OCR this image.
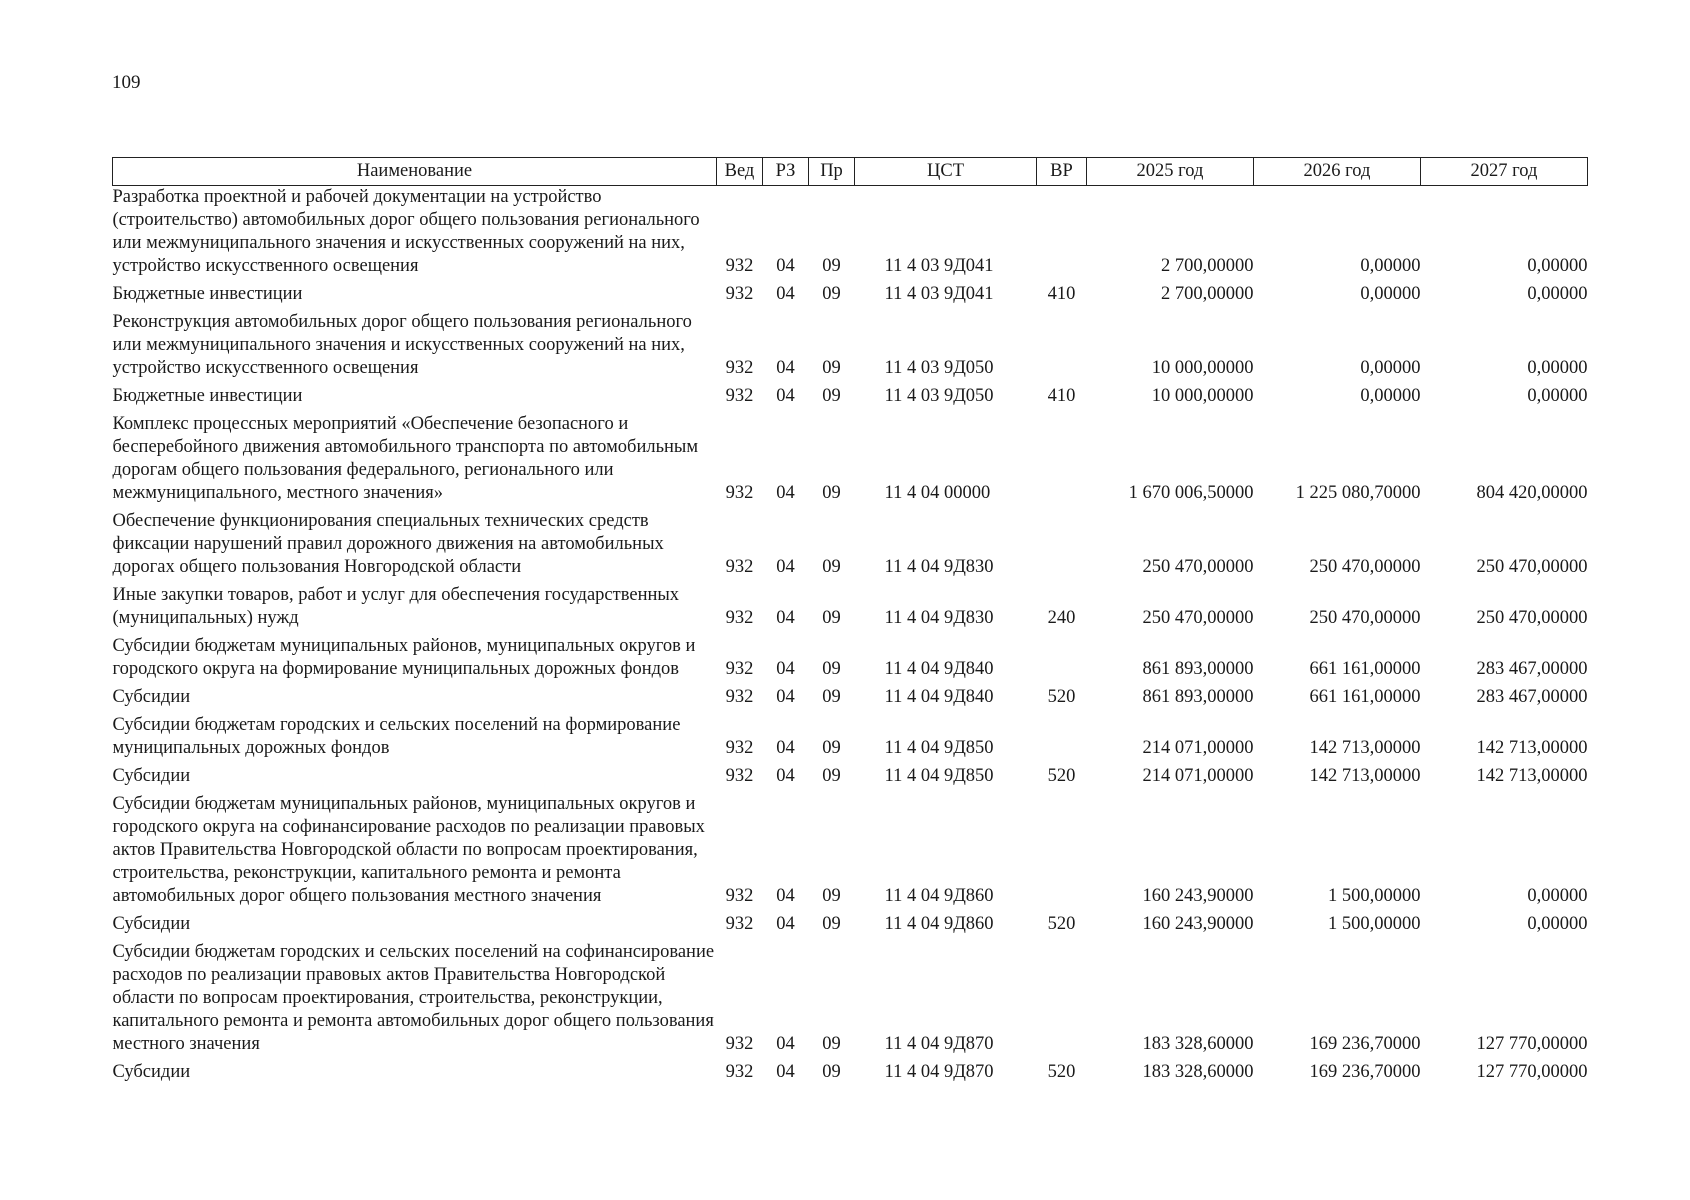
109
Наименование	Вед	РЗ	Пр	ЦСТ	ВР	2025 год	2026 год	2027 год
Разработка проектной и рабочей документации на устройство (строительство) автомобильных дорог общего пользования регионального или межмуниципального значения и искусственных сооружений на них, устройство искусственного освещения	932	04	09	11 4 03 9Д041		2 700,00000	0,00000	0,00000
Бюджетные инвестиции	932	04	09	11 4 03 9Д041	410	2 700,00000	0,00000	0,00000
Реконструкция автомобильных дорог общего пользования регионального или межмуниципального значения и искусственных сооружений на них, устройство искусственного освещения	932	04	09	11 4 03 9Д050		10 000,00000	0,00000	0,00000
Бюджетные инвестиции	932	04	09	11 4 03 9Д050	410	10 000,00000	0,00000	0,00000
Комплекс процессных мероприятий «Обеспечение безопасного и бесперебойного движения автомобильного транспорта по автомобильным дорогам общего пользования федерального, регионального или межмуниципального, местного значения»	932	04	09	11 4 04 00000		1 670 006,50000	1 225 080,70000	804 420,00000
Обеспечение функционирования специальных технических средств фиксации нарушений правил дорожного движения на автомобильных дорогах общего пользования Новгородской области	932	04	09	11 4 04 9Д830		250 470,00000	250 470,00000	250 470,00000
Иные закупки товаров, работ и услуг для обеспечения государственных (муниципальных) нужд	932	04	09	11 4 04 9Д830	240	250 470,00000	250 470,00000	250 470,00000
Субсидии бюджетам муниципальных районов, муниципальных округов и городского округа на формирование муниципальных дорожных фондов	932	04	09	11 4 04 9Д840		861 893,00000	661 161,00000	283 467,00000
Субсидии	932	04	09	11 4 04 9Д840	520	861 893,00000	661 161,00000	283 467,00000
Субсидии бюджетам городских и сельских поселений на формирование муниципальных дорожных фондов	932	04	09	11 4 04 9Д850		214 071,00000	142 713,00000	142 713,00000
Субсидии	932	04	09	11 4 04 9Д850	520	214 071,00000	142 713,00000	142 713,00000
Субсидии бюджетам муниципальных районов, муниципальных округов и городского округа на софинансирование расходов по реализации правовых актов Правительства Новгородской области по вопросам проектирования, строительства, реконструкции, капитального ремонта и ремонта автомобильных дорог общего пользования местного значения	932	04	09	11 4 04 9Д860		160 243,90000	1 500,00000	0,00000
Субсидии	932	04	09	11 4 04 9Д860	520	160 243,90000	1 500,00000	0,00000
Субсидии бюджетам городских и сельских поселений на софинансирование расходов по реализации правовых актов Правительства Новгородской области по вопросам проектирования, строительства, реконструкции, капитального ремонта и ремонта автомобильных дорог общего пользования местного значения	932	04	09	11 4 04 9Д870		183 328,60000	169 236,70000	127 770,00000
Субсидии	932	04	09	11 4 04 9Д870	520	183 328,60000	169 236,70000	127 770,00000
